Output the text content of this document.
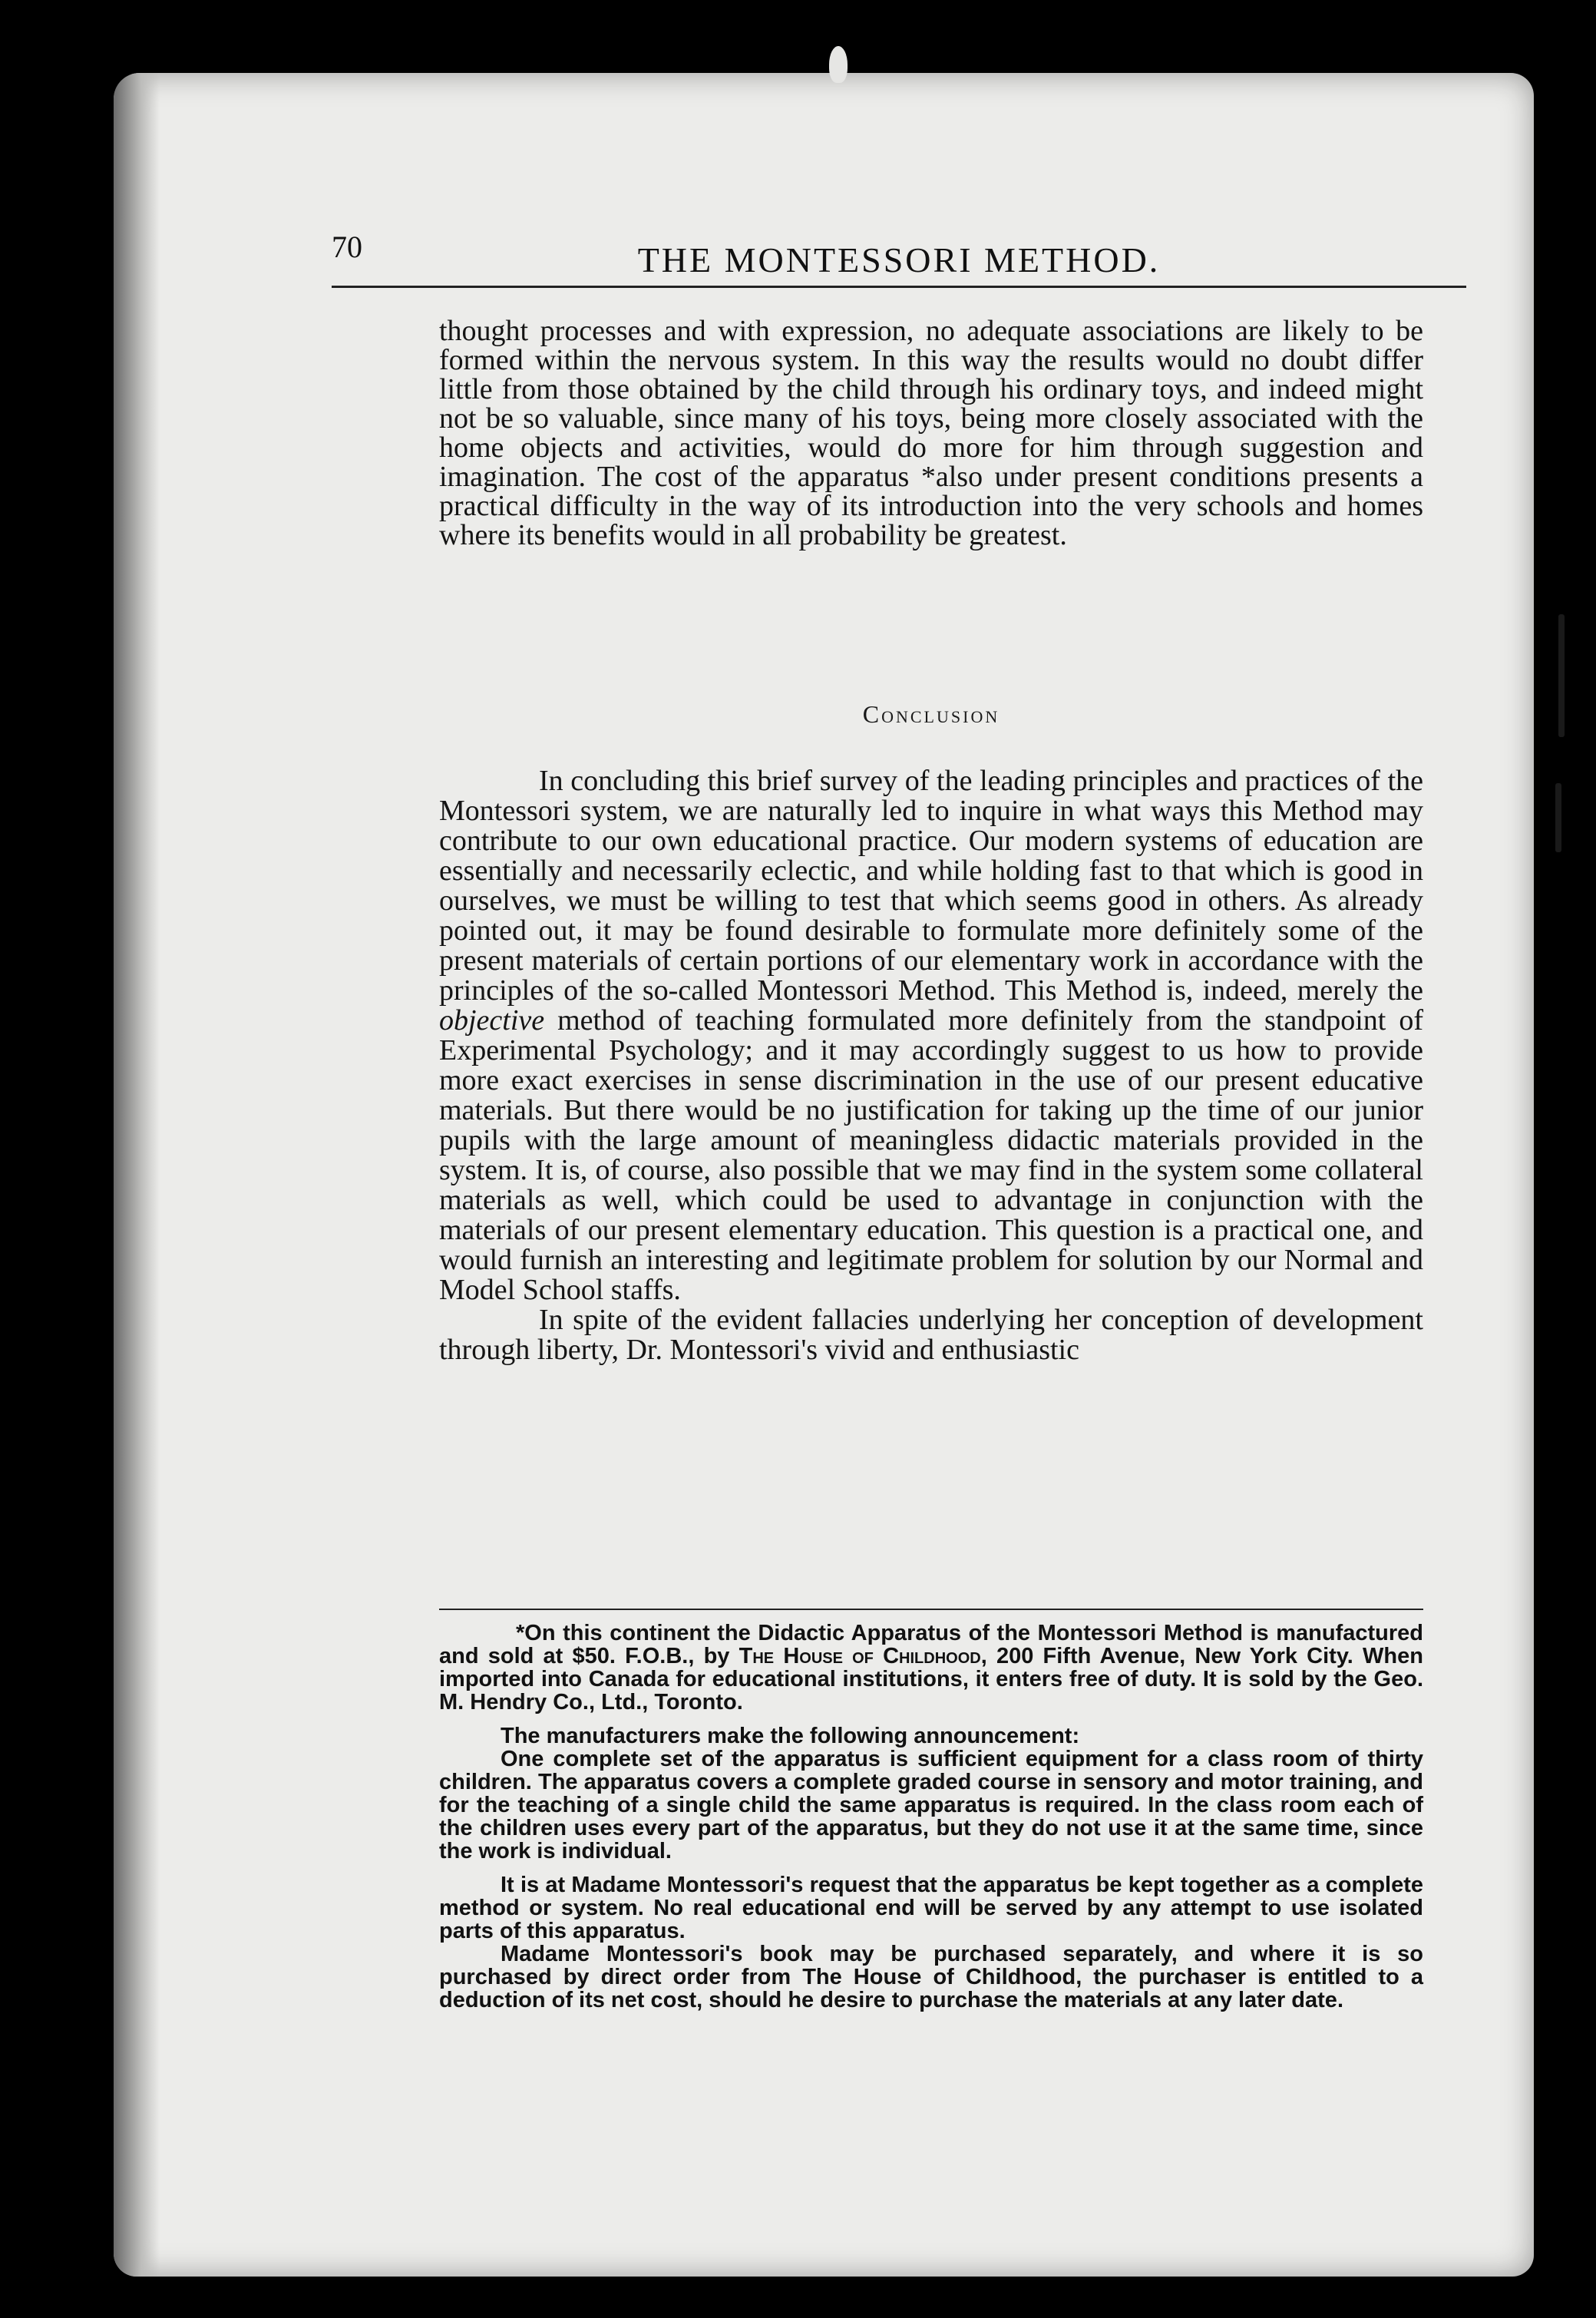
70	THE MONTESSORI METHOD.

thought processes and with expression, no adequate associations are likely to be formed within the nervous system. In this way the results would no doubt differ little from those obtained by the child through his ordinary toys, and indeed might not be so valuable, since many of his toys, being more closely associated with the home objects and activities, would do more for him through suggestion and imagination. The cost of the apparatus *also under present conditions presents a practical difficulty in the way of its introduction into the very schools and homes where its benefits would in all probability be greatest.

Conclusion

In concluding this brief survey of the leading principles and practices of the Montessori system, we are naturally led to inquire in what ways this Method may contribute to our own educational practice. Our modern systems of education are essentially and necessarily eclectic, and while holding fast to that which is good in ourselves, we must be willing to test that which seems good in others. As already pointed out, it may be found desirable to formulate more definitely some of the present materials of certain portions of our elementary work in accordance with the principles of the so-called Montessori Method. This Method is, indeed, merely the objective method of teaching formulated more definitely from the standpoint of Experimental Psychology; and it may accordingly suggest to us how to provide more exact exercises in sense discrimination in the use of our present educative materials. But there would be no justification for taking up the time of our junior pupils with the large amount of meaningless didactic materials provided in the system. It is, of course, also possible that we may find in the system some collateral materials as well, which could be used to advantage in conjunction with the materials of our present elementary education. This question is a practical one, and would furnish an interesting and legitimate problem for solution by our Normal and Model School staffs.

In spite of the evident fallacies underlying her conception of development through liberty, Dr. Montessori's vivid and enthusiastic

*On this continent the Didactic Apparatus of the Montessori Method is manufactured and sold at $50. F.O.B., by The House of Childhood, 200 Fifth Avenue, New York City. When imported into Canada for educational institutions, it enters free of duty. It is sold by the Geo. M. Hendry Co., Ltd., Toronto.

The manufacturers make the following announcement:

One complete set of the apparatus is sufficient equipment for a class room of thirty children. The apparatus covers a complete graded course in sensory and motor training, and for the teaching of a single child the same apparatus is required. In the class room each of the children uses every part of the apparatus, but they do not use it at the same time, since the work is individual.

It is at Madame Montessori's request that the apparatus be kept together as a complete method or system. No real educational end will be served by any attempt to use isolated parts of this apparatus.

Madame Montessori's book may be purchased separately, and where it is so purchased by direct order from The House of Childhood, the purchaser is entitled to a deduction of its net cost, should he desire to purchase the materials at any later date.
